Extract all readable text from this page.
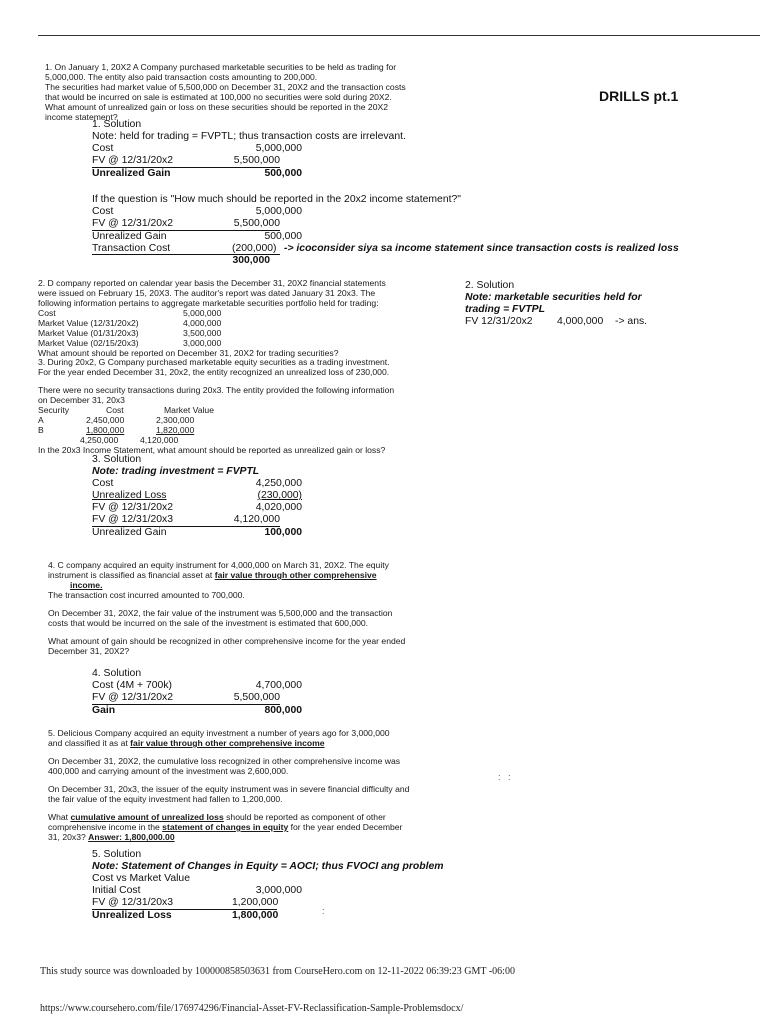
DRILLS pt.1
1. On January 1, 20X2 A Company purchased marketable securities to be held as trading for
5,000,000. The entity also paid transaction costs amounting to 200,000.
The securities had market value of 5,500,000 on December 31, 20X2 and the transaction costs
that would be incurred on sale is estimated at 100,000 no securities were sold during 20X2.
What amount of unrealized gain or loss on these securities should be reported in the 20X2
income statement?
1. Solution
Note: held for trading = FVPTL; thus transaction costs are irrelevant.
Cost	5,000,000
FV @ 12/31/20x2	5,500,000
Unrealized Gain	500,000
If the question is "How much should be reported in the 20x2 income statement?"
Cost	5,000,000
FV @ 12/31/20x2	5,500,000
Unrealized Gain	500,000
Transaction Cost	(200,000) -> icoconsider siya sa income statement since transaction costs is realized loss
300,000
2. D company reported on calendar year basis the December 31, 20X2 financial statements
were issued on February 15, 20X3. The auditor's report was dated January 31 20x3. The
following information pertains to aggregate marketable securities portfolio held for trading:
Cost	5,000,000
Market Value (12/31/20x2)	4,000,000
Market Value (01/31/20x3)	3,500,000
Market Value (02/15/20x3)	3,000,000
What amount should be reported on December 31, 20X2 for trading securities?
2. Solution
Note: marketable securities held for
trading = FVTPL
FV 12/31/20x2	4,000,000	-> ans.
3. During 20x2, G Company purchased marketable equity securities as a trading investment.
For the year ended December 31, 20x2, the entity recognized an unrealized loss of 230,000.
There were no security transactions during 20x3. The entity provided the following information
on December 31, 20x3
Security	Cost	Market Value
A	2,450,000	2,300,000
B	1,800,000	1,820,000
4,250,000	4,120,000
In the 20x3 Income Statement, what amount should be reported as unrealized gain or loss?
3. Solution
Note: trading investment = FVPTL
Cost	4,250,000
Unrealized Loss	(230,000)
FV @ 12/31/20x2	4,020,000
FV @ 12/31/20x3	4,120,000
Unrealized Gain	100,000
4. C company acquired an equity instrument for 4,000,000 on March 31, 20X2. The equity
instrument is classified as financial asset at fair value through other comprehensive
income.
The transaction cost incurred amounted to 700,000.
On December 31, 20X2, the fair value of the instrument was 5,500,000 and the transaction
costs that would be incurred on the sale of the investment is estimated that 600,000.
What amount of gain should be recognized in other comprehensive income for the year ended
December 31, 20X2?
4. Solution
Cost (4M + 700k)	4,700,000
FV @ 12/31/20x2	5,500,000
Gain	800,000
5. Delicious Company acquired an equity investment a number of years ago for 3,000,000
and classified it as at fair value through other comprehensive income
On December 31, 20X2, the cumulative loss recognized in other comprehensive income was
400,000 and carrying amount of the investment was 2,600,000.
On December 31, 20x3, the issuer of the equity instrument was in severe financial difficulty and
the fair value of the equity investment had fallen to 1,200,000.
What cumulative amount of unrealized loss should be reported as component of other
comprehensive income in the statement of changes in equity for the year ended December
31, 20x3? Answer: 1,800,000.00
:   :
5. Solution
Note: Statement of Changes in Equity = AOCI; thus FVOCI ang problem
Cost vs Market Value
Initial Cost	3,000,000
FV @ 12/31/20x3	1,200,000
Unrealized Loss	1,800,000	:
This study source was downloaded by 100000858503631 from CourseHero.com on 12-11-2022 06:39:23 GMT -06:00
https://www.coursehero.com/file/176974296/Financial-Asset-FV-Reclassification-Sample-Problemsdocx/
